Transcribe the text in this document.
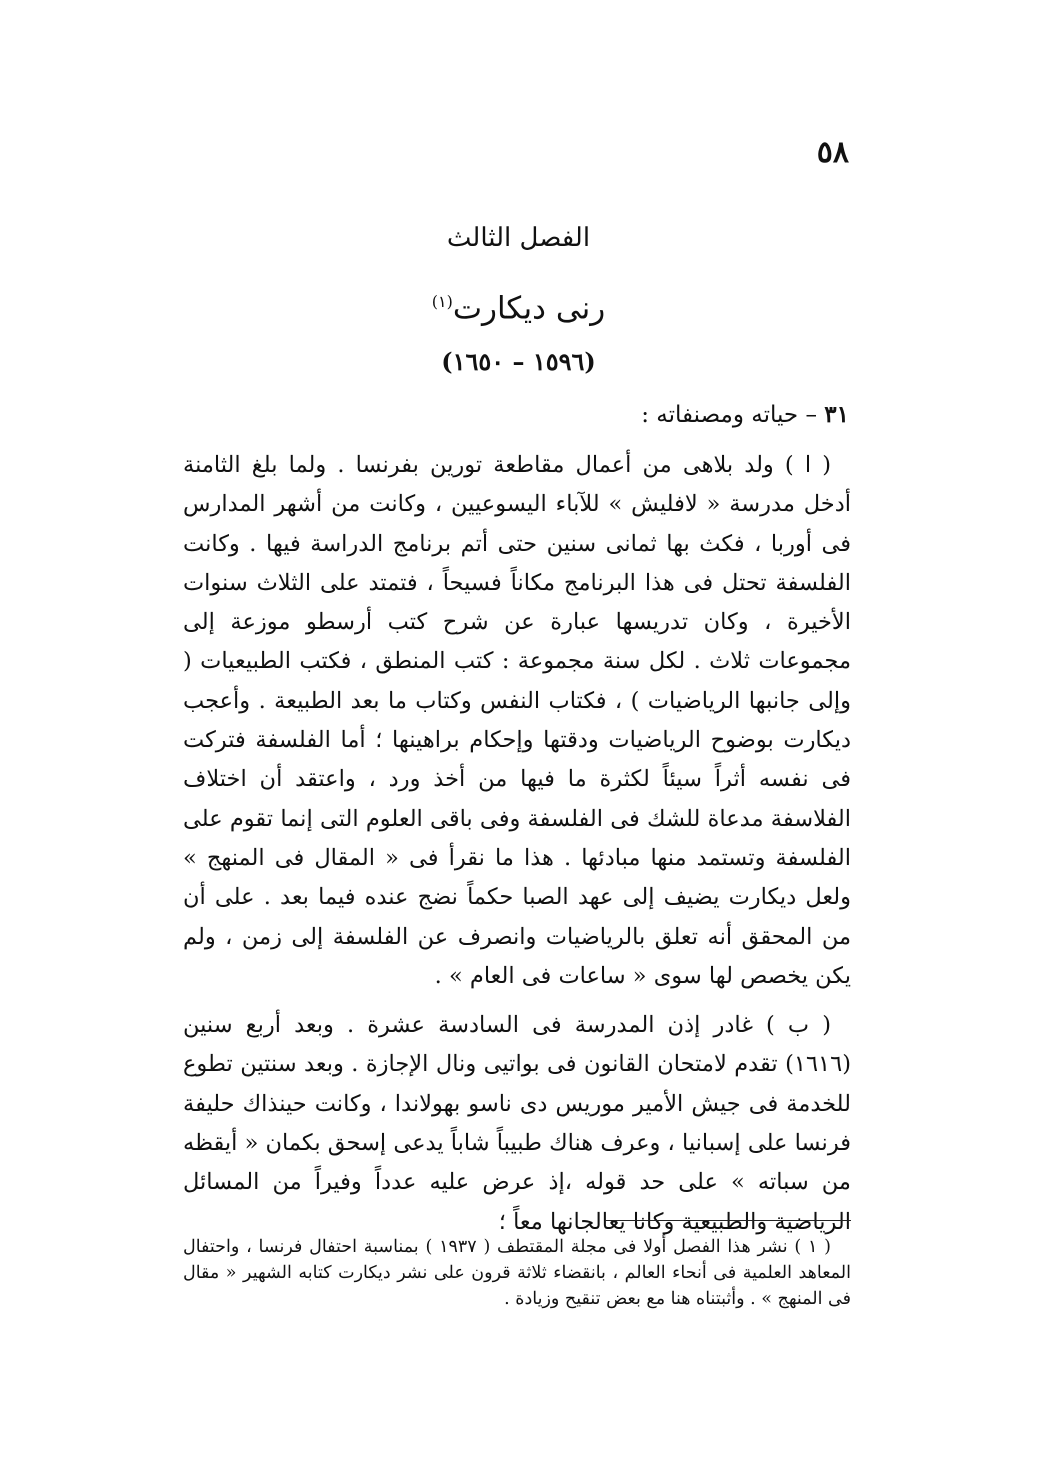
٥٨
الفصل الثالث
رنى ديكارت$^{(١)}$
(١٥٩٦ – ١٦٥٠)
٣١ – حياته ومصنفاته :

( ا ) ولد بلاهى من أعمال مقاطعة تورين بفرنسا . ولما بلغ الثامنة أدخل مدرسة « لافليش » للآباء اليسوعيين ، وكانت من أشهر المدارس فى أوربا ، فكث بها ثمانى سنين حتى أتم برنامج الدراسة فيها . وكانت الفلسفة تحتل فى هذا البرنامج مكاناً فسيحاً ، فتمتد على الثلاث سنوات الأخيرة ، وكان تدريسها عبارة عن شرح كتب أرسطو موزعة إلى مجموعات ثلاث . لكل سنة مجموعة : كتب المنطق ، فكتب الطبيعيات ( وإلى جانبها الرياضيات ) ، فكتاب النفس وكتاب ما بعد الطبيعة . وأعجب ديكارت بوضوح الرياضيات ودقتها وإحكام براهينها ؛ أما الفلسفة فتركت فى نفسه أثراً سيئاً لكثرة ما فيها من أخذ ورد ، واعتقد أن اختلاف الفلاسفة مدعاة للشك فى الفلسفة وفى باقى العلوم التى إنما تقوم على الفلسفة وتستمد منها مبادئها . هذا ما نقرأ فى « المقال فى المنهج » ولعل ديكارت يضيف إلى عهد الصبا حكماً نضج عنده فيما بعد . على أن من المحقق أنه تعلق بالرياضيات وانصرف عن الفلسفة إلى زمن ، ولم يكن يخصص لها سوى « ساعات فى العام » .

( ب ) غادر إذن المدرسة فى السادسة عشرة . وبعد أربع سنين (١٦١٦) تقدم لامتحان القانون فى بواتيى ونال الإجازة . وبعد سنتين تطوع للخدمة فى جيش الأمير موريس دى ناسو بهولاندا ، وكانت حينذاك حليفة فرنسا على إسبانيا ، وعرف هناك طبيباً شاباً يدعى إسحق بكمان « أيقظه من سباته » على حد قوله ،إذ عرض عليه عدداً وفيراً من المسائل الرياضية والطبيعية وكانا يعالجانها معاً ؛

( ١ ) نشر هذا الفصل أولا فى مجلة المقتطف ( ١٩٣٧ ) بمناسبة احتفال فرنسا ، واحتفال المعاهد العلمية فى أنحاء العالم ، بانقضاء ثلاثة قرون على نشر ديكارت كتابه الشهير « مقال فى المنهج » . وأثبتناه هنا مع بعض تنقيح وزيادة .
